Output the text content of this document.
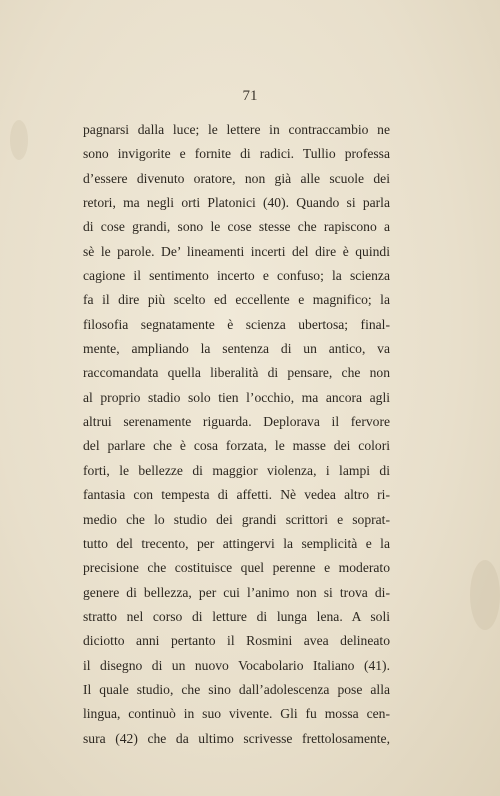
71
pagnarsi dalla luce; le lettere in contraccambio ne
sono invigorite e fornite di radici. Tullio professa
d’essere divenuto oratore, non già alle scuole dei
retori, ma negli orti Platonici (40). Quando si parla
di cose grandi, sono le cose stesse che rapiscono a
sè le parole. De’ lineamenti incerti del dire è quindi
cagione il sentimento incerto e confuso; la scienza
fa il dire più scelto ed eccellente e magnifico; la
filosofia segnatamente è scienza ubertosa; final-
mente, ampliando la sentenza di un antico, va
raccomandata quella liberalità di pensare, che non
al proprio stadio solo tien l’occhio, ma ancora agli
altrui serenamente riguarda. Deplorava il fervore
del parlare che è cosa forzata, le masse dei colori
forti, le bellezze di maggior violenza, i lampi di
fantasia con tempesta di affetti. Nè vedea altro ri-
medio che lo studio dei grandi scrittori e soprat-
tutto del trecento, per attingervi la semplicità e la
precisione che costituisce quel perenne e moderato
genere di bellezza, per cui l’animo non si trova di-
stratto nel corso di letture di lunga lena. A soli
diciotto anni pertanto il Rosmini avea delineato
il disegno di un nuovo Vocabolario Italiano (41).
Il quale studio, che sino dall’adolescenza pose alla
lingua, continuò in suo vivente. Gli fu mossa cen-
sura (42) che da ultimo scrivesse frettolosamente,
